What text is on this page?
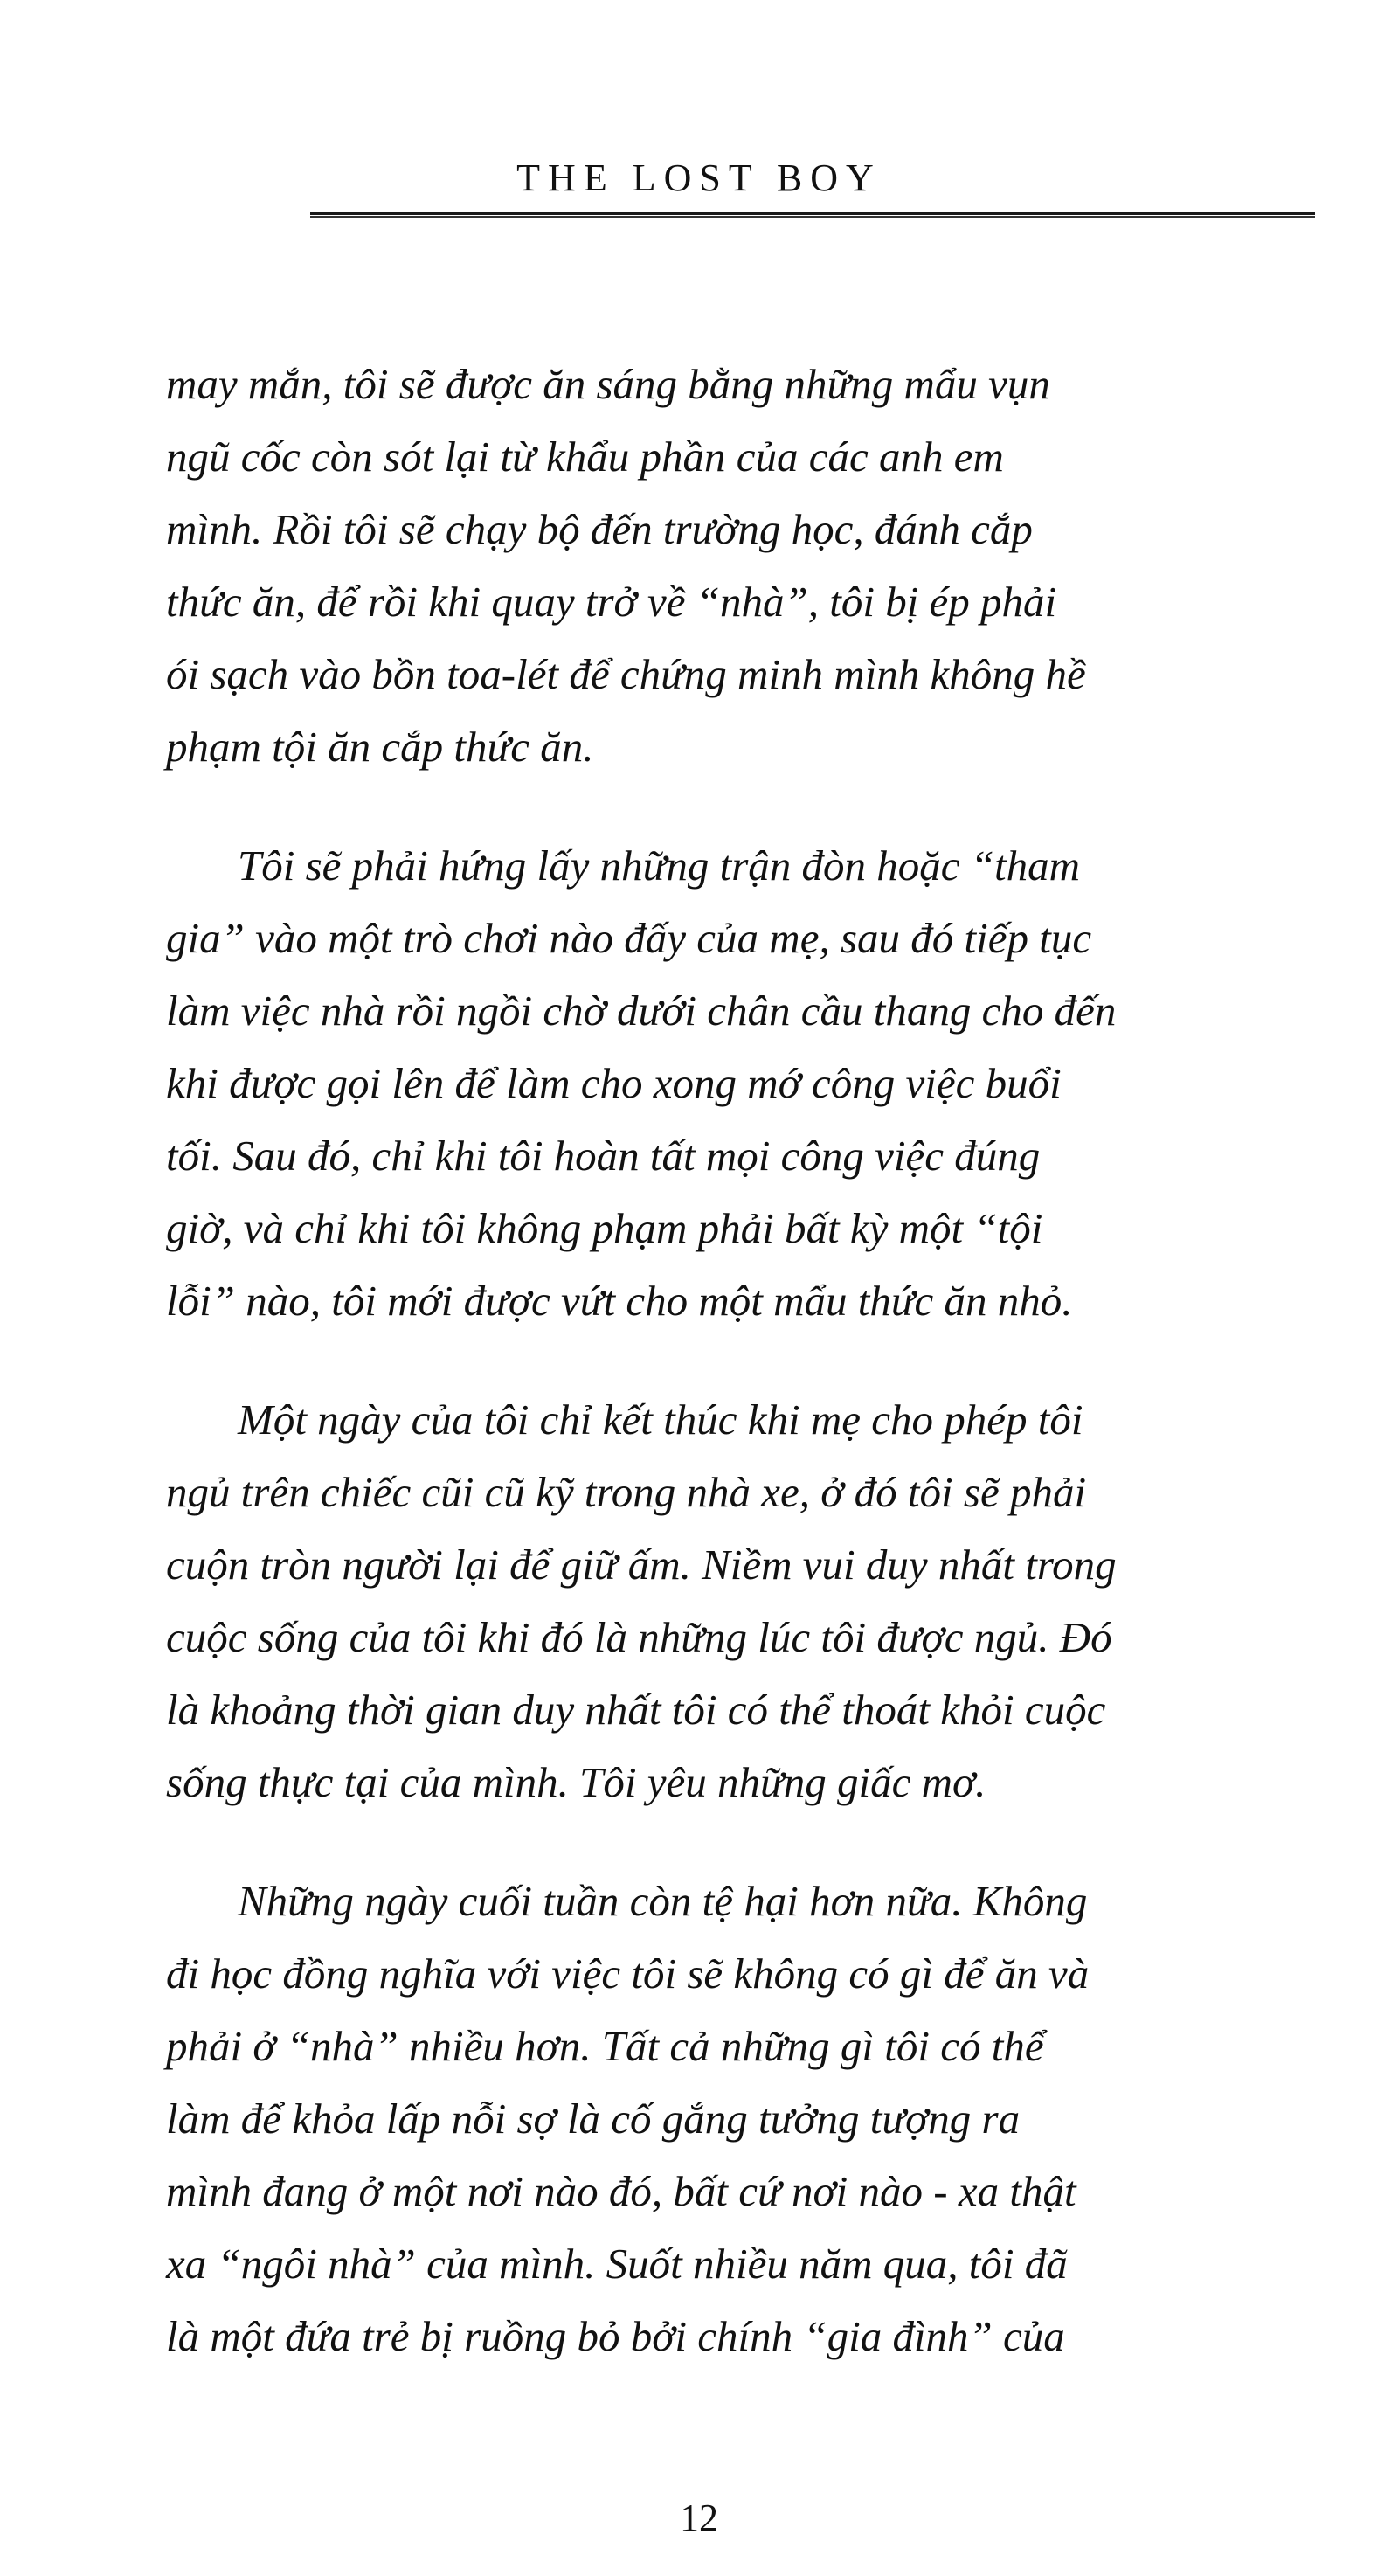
THE LOST BOY

may mắn, tôi sẽ được ăn sáng bằng những mẩu vụn
ngũ cốc còn sót lại từ khẩu phần của các anh em
mình. Rồi tôi sẽ chạy bộ đến trường học, đánh cắp
thức ăn, để rồi khi quay trở về “nhà”, tôi bị ép phải
ói sạch vào bồn toa-lét để chứng minh mình không hề
phạm tội ăn cắp thức ăn.

Tôi sẽ phải hứng lấy những trận đòn hoặc “tham
gia” vào một trò chơi nào đấy của mẹ, sau đó tiếp tục
làm việc nhà rồi ngồi chờ dưới chân cầu thang cho đến
khi được gọi lên để làm cho xong mớ công việc buổi
tối. Sau đó, chỉ khi tôi hoàn tất mọi công việc đúng
giờ, và chỉ khi tôi không phạm phải bất kỳ một “tội
lỗi” nào, tôi mới được vứt cho một mẩu thức ăn nhỏ.

Một ngày của tôi chỉ kết thúc khi mẹ cho phép tôi
ngủ trên chiếc cũi cũ kỹ trong nhà xe, ở đó tôi sẽ phải
cuộn tròn người lại để giữ ấm. Niềm vui duy nhất trong
cuộc sống của tôi khi đó là những lúc tôi được ngủ. Đó
là khoảng thời gian duy nhất tôi có thể thoát khỏi cuộc
sống thực tại của mình. Tôi yêu những giấc mơ.

Những ngày cuối tuần còn tệ hại hơn nữa. Không
đi học đồng nghĩa với việc tôi sẽ không có gì để ăn và
phải ở “nhà” nhiều hơn. Tất cả những gì tôi có thể
làm để khỏa lấp nỗi sợ là cố gắng tưởng tượng ra
mình đang ở một nơi nào đó, bất cứ nơi nào - xa thật
xa “ngôi nhà” của mình. Suốt nhiều năm qua, tôi đã
là một đứa trẻ bị ruồng bỏ bởi chính “gia đình” của

12
